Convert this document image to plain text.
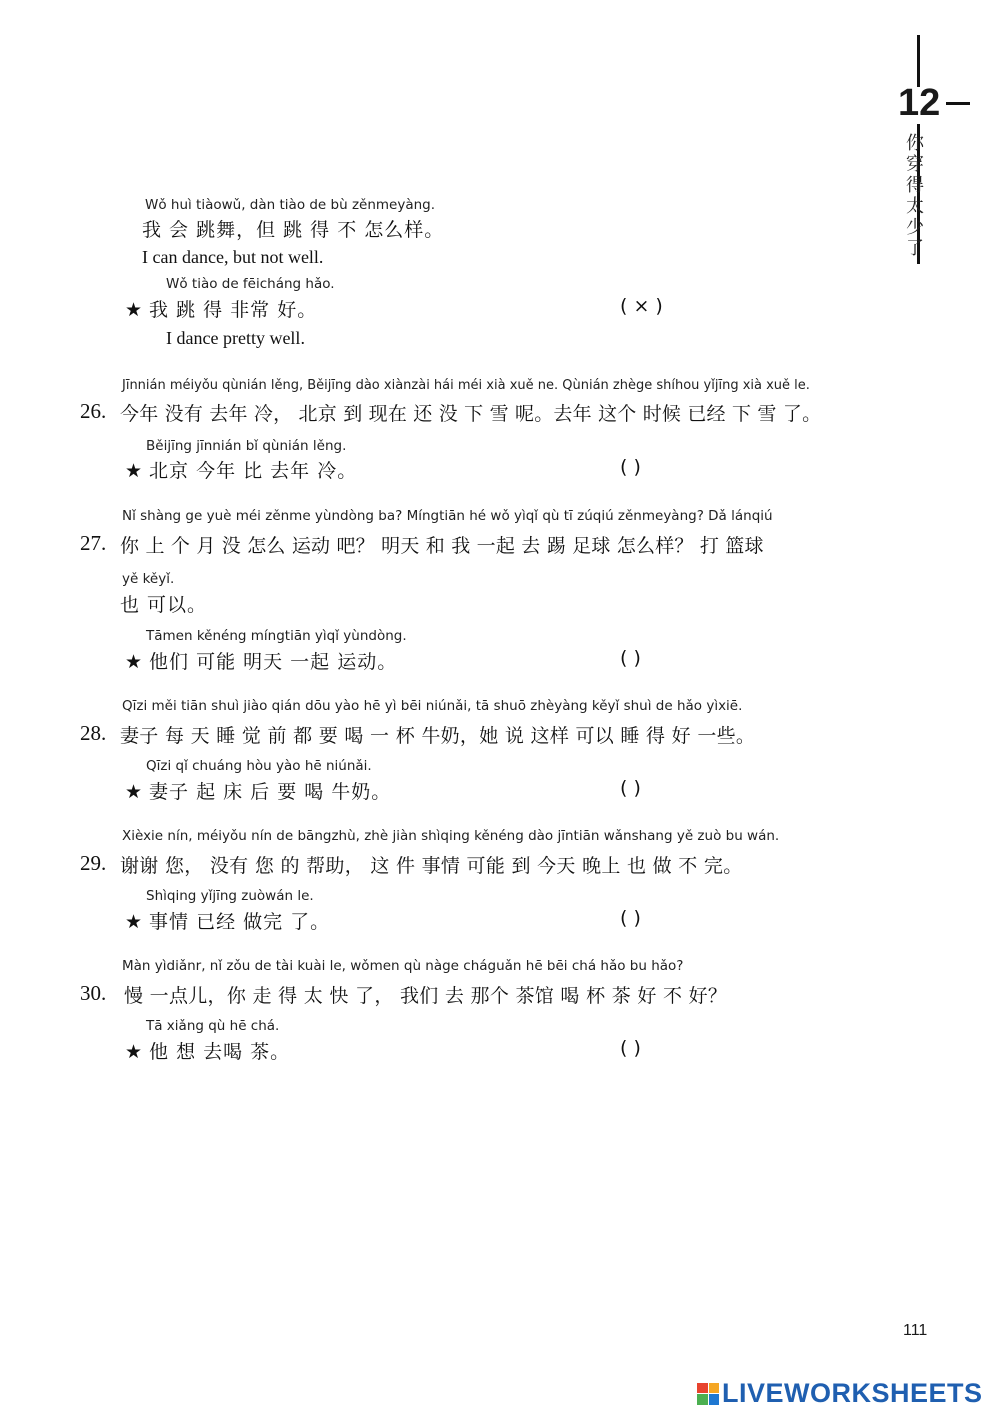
12
你穿得太少了
Wǒ huì tiàowǔ, dàn tiào de bù zěnmeyàng.
我 会 跳舞，但 跳 得 不 怎么样。
I can dance, but not well.
Wǒ tiào de fēicháng hǎo.
★ 我 跳 得 非常 好。	( × )
I dance pretty well.
Jīnnián méiyǒu qùnián lěng, Běijīng dào xiànzài hái méi xià xuě ne. Qùnián zhège shíhou yǐjīng xià xuě le.
26. 今年 没有 去年 冷， 北京 到 现在 还 没 下 雪 呢。去年 这个 时候 已经 下 雪 了。
Běijīng jīnnián bǐ qùnián lěng.
★ 北京 今年 比 去年 冷。	( )
Nǐ shàng ge yuè méi zěnme yùndòng ba? Míngtiān hé wǒ yìqǐ qù tī zúqiú zěnmeyàng? Dǎ lánqiú
27. 你 上 个 月 没 怎么 运动 吧？ 明天 和 我 一起 去 踢 足球 怎么样？ 打 篮球
yě kěyǐ.
也 可以。
Tāmen kěnéng míngtiān yìqǐ yùndòng.
★ 他们 可能 明天 一起 运动。	( )
Qīzi měi tiān shuì jiào qián dōu yào hē yì bēi niúnǎi, tā shuō zhèyàng kěyǐ shuì de hǎo yìxiē.
28. 妻子 每 天 睡 觉 前 都 要 喝 一 杯 牛奶，她 说 这样 可以 睡 得 好 一些。
Qīzi qǐ chuáng hòu yào hē niúnǎi.
★ 妻子 起 床 后 要 喝 牛奶。	( )
Xièxie nín, méiyǒu nín de bāngzhù, zhè jiàn shìqing kěnéng dào jīntiān wǎnshang yě zuò bu wán.
29. 谢谢 您， 没有 您 的 帮助， 这 件 事情 可能 到 今天 晚上 也 做 不 完。
Shìqing yǐjīng zuòwán le.
★ 事情 已经 做完 了。	( )
Màn yìdiǎnr, nǐ zǒu de tài kuài le, wǒmen qù nàge cháguǎn hē bēi chá hǎo bu hǎo?
30. 慢 一点儿，你 走 得 太 快 了， 我们 去 那个 茶馆 喝 杯 茶 好 不 好？
Tā xiǎng qù hē chá.
★ 他 想 去喝 茶。	( )
111
LIVEWORKSHEETS
